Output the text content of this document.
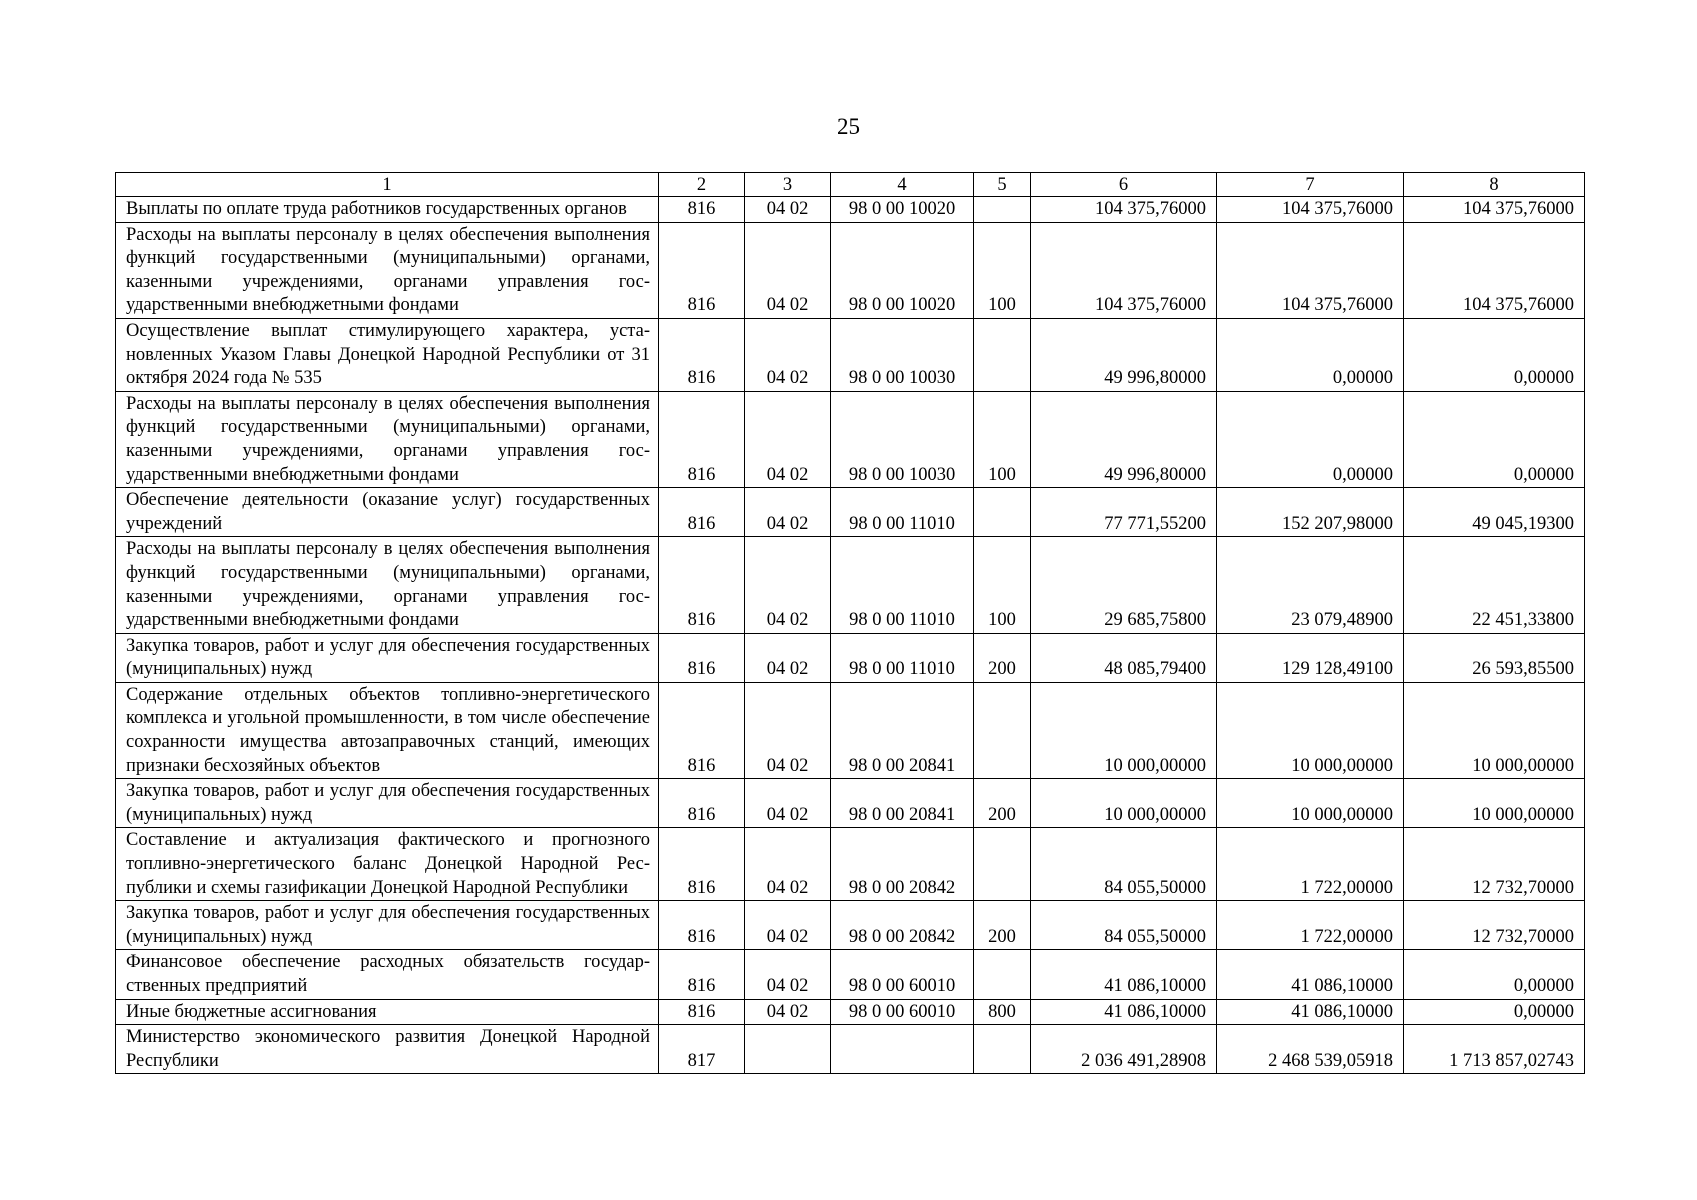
25
1	2	3	4	5	6	7	8
Выплаты по оплате труда работников государственных органов	816	04 02	98 0 00 10020		104 375,76000	104 375,76000	104 375,76000
Расходы на выплаты персоналу в целях обеспечения выполнения функций государственными (муниципальными) органами, казенными учреждениями, органами управления государственными внебюджетными фондами	816	04 02	98 0 00 10020	100	104 375,76000	104 375,76000	104 375,76000
Осуществление выплат стимулирующего характера, установленных Указом Главы Донецкой Народной Республики от 31 октября 2024 года № 535	816	04 02	98 0 00 10030		49 996,80000	0,00000	0,00000
Расходы на выплаты персоналу в целях обеспечения выполнения функций государственными (муниципальными) органами, казенными учреждениями, органами управления государственными внебюджетными фондами	816	04 02	98 0 00 10030	100	49 996,80000	0,00000	0,00000
Обеспечение деятельности (оказание услуг) государственных учреждений	816	04 02	98 0 00 11010		77 771,55200	152 207,98000	49 045,19300
Расходы на выплаты персоналу в целях обеспечения выполнения функций государственными (муниципальными) органами, казенными учреждениями, органами управления государственными внебюджетными фондами	816	04 02	98 0 00 11010	100	29 685,75800	23 079,48900	22 451,33800
Закупка товаров, работ и услуг для обеспечения государственных (муниципальных) нужд	816	04 02	98 0 00 11010	200	48 085,79400	129 128,49100	26 593,85500
Содержание отдельных объектов топливно-энергетического комплекса и угольной промышленности, в том числе обеспечение сохранности имущества автозаправочных станций, имеющих признаки бесхозяйных объектов	816	04 02	98 0 00 20841		10 000,00000	10 000,00000	10 000,00000
Закупка товаров, работ и услуг для обеспечения государственных (муниципальных) нужд	816	04 02	98 0 00 20841	200	10 000,00000	10 000,00000	10 000,00000
Составление и актуализация фактического и прогнозного топливно-энергетического баланс Донецкой Народной Республики и схемы газификации Донецкой Народной Республики	816	04 02	98 0 00 20842		84 055,50000	1 722,00000	12 732,70000
Закупка товаров, работ и услуг для обеспечения государственных (муниципальных) нужд	816	04 02	98 0 00 20842	200	84 055,50000	1 722,00000	12 732,70000
Финансовое обеспечение расходных обязательств государственных предприятий	816	04 02	98 0 00 60010		41 086,10000	41 086,10000	0,00000
Иные бюджетные ассигнования	816	04 02	98 0 00 60010	800	41 086,10000	41 086,10000	0,00000
Министерство экономического развития Донецкой Народной Республики	817				2 036 491,28908	2 468 539,05918	1 713 857,02743
